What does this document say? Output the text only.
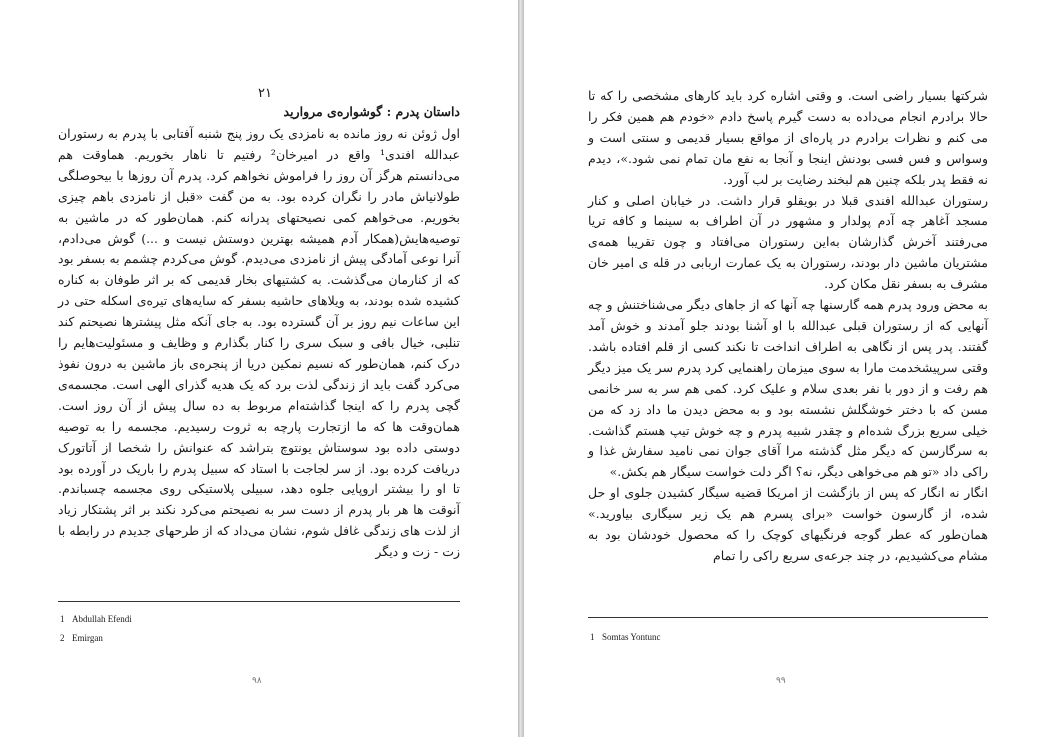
۲۱
داستان پدرم : گوشواره‌ی مروارید

اول ژوئن نه روز مانده به نامزدی یک روز پنج شنبه آفتابی با پدرم به رستوران عبدالله افندی¹ واقع در امیرخان² رفتیم تا ناهار بخوریم. هماوقت هم می‌دانستم هرگز آن روز را فراموش نخواهم کرد. پدرم آن روزها با بیحوصلگی طولانیاش مادر را نگران کرده بود. به من گفت «قبل از نامزدی باهم چیزی بخوریم. می‌خواهم کمی نصیحتهای پدرانه کنم. همان‌طور که در ماشین به توصیه‌هایش(همکار آدم همیشه بهترین دوستش نیست و ...) گوش می‌دادم، آنرا نوعی آمادگی پیش از نامزدی می‌دیدم. گوش می‌کردم چشمم به بسفر بود که از کنارمان می‌گذشت. به کشتیهای بخار قدیمی که بر اثر طوفان به کناره کشیده شده بودند، به ویلاهای حاشیه بسفر که سایه‌های تیره‌ی اسکله حتی در این ساعات نیم روز بر آن گسترده بود. به جای آنکه مثل پیشترها نصیحتم کند تنلبی، خیال بافی و سبک سری را کنار بگذارم و وظایف و مسئولیت‌هایم را درک کنم، همان‌طور که نسیم نمکین دریا از پنجره‌ی باز ماشین به درون نفوذ می‌کرد گفت باید از زندگی لذت برد که یک هدیه گذرای الهی است. مجسمه‌ی گچی پدرم را که اینجا گذاشته‌ام مربوط به ده سال پیش از آن روز است. همان‌وقت ها که ما ازتجارت پارچه به ثروت رسیدیم. مجسمه را به توصیه دوستی داده بود سوستاش یونتوچ بتراشد که عنوانش را شخصا از آتاتورک دریافت کرده بود. از سر لجاجت با استاد که سبیل پدرم را باریک در آورده بود تا او را بیشتر اروپایی جلوه دهد، سبیلی پلاستیکی روی مجسمه چسباندم. آنوقت ها هر بار پدرم از دست سر به نصیحتم می‌کرد نکند بر اثر پشتکار زیاد از لذت های زندگی غافل شوم، نشان می‌داد که از طرحهای جدیدم در رابطه با زت - زت و دیگر

1 Abdullah Efendi
2 Emirgan
۹۸

شرکتها بسیار راضی است. و وقتی اشاره کرد باید کارهای مشخصی را که تا حالا برادرم انجام می‌داده به دست گیرم پاسخ دادم «خودم هم همین فکر را می کنم و نظرات برادرم در پاره‌ای از مواقع بسیار قدیمی و سنتی است و وسواس و فس فسی بودنش اینجا و آنجا به نفع مان تمام نمی شود.»، دیدم نه فقط پدر بلکه چنین هم لبخند رضایت بر لب آورد.

رستوران عبدالله افندی قبلا در بویقلو قرار داشت. در خیابان اصلی و کنار مسجد آغاهر چه آدم پولدار و مشهور در آن اطراف به سینما و کافه تریا می‌رفتند آخرش گذارشان به‌این رستوران می‌افتاد و چون تقریبا همه‌ی مشتریان ماشین دار بودند، رستوران به یک عمارت اربابی در قله ی امیر خان مشرف به بسفر نقل مکان کرد.

به محض ورود پدرم همه گارسنها چه آنها که از جاهای دیگر می‌شناختنش و چه آنهایی که از رستوران قبلی عبدالله با او آشنا بودند جلو آمدند و خوش آمد گفتند. پدر پس از نگاهی به اطراف انداخت تا نکند کسی از قلم افتاده باشد. وقتی سرپیشخدمت مارا به سوی میزمان راهنمایی کرد پدرم سر یک میز دیگر هم رفت و از دور با نفر بعدی سلام و علیک کرد. کمی هم سر به سر خانمی مسن که با دختر خوشگلش نشسته بود و به محض دیدن ما داد زد که من خیلی سریع بزرگ شده‌ام و چقدر شبیه پدرم و چه خوش تیپ هستم گذاشت. به سرگارسن که دیگر مثل گذشته مرا آقای جوان نمی نامید سفارش غذا و راکی داد «تو هم می‌خواهی دیگر، نه؟ اگر دلت خواست سیگار هم بکش.»

انگار نه انگار که پس از بازگشت از امریکا قضیه سیگار کشیدن جلوی او حل شده، از گارسون خواست «برای پسرم هم یک زیر سیگاری بیاورید.» همان‌طور که عطر گوجه فرنگیهای کوچک را که محصول خودشان بود به مشام می‌کشیدیم، در چند جرعه‌ی سریع راکی را تمام

1 Somtas Yontunc
۹۹
